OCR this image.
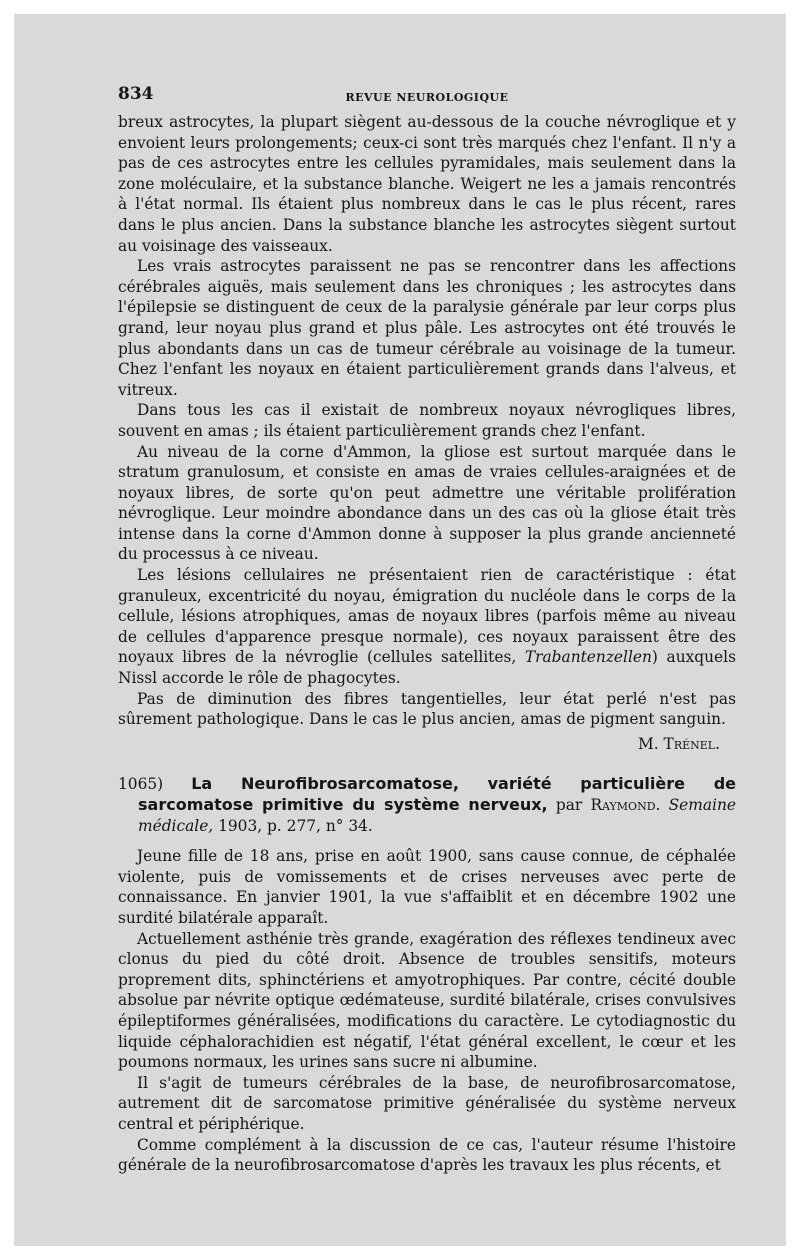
834	REVUE NEUROLOGIQUE

breux astrocytes, la plupart siègent au-dessous de la couche névroglique et y envoient leurs prolongements; ceux-ci sont très marqués chez l'enfant. Il n'y a pas de ces astrocytes entre les cellules pyramidales, mais seulement dans la zone moléculaire, et la substance blanche. Weigert ne les a jamais rencontrés à l'état normal. Ils étaient plus nombreux dans le cas le plus récent, rares dans le plus ancien. Dans la substance blanche les astrocytes siègent surtout au voisinage des vaisseaux.

Les vrais astrocytes paraissent ne pas se rencontrer dans les affections cérébrales aiguës, mais seulement dans les chroniques ; les astrocytes dans l'épilepsie se distinguent de ceux de la paralysie générale par leur corps plus grand, leur noyau plus grand et plus pâle. Les astrocytes ont été trouvés le plus abondants dans un cas de tumeur cérébrale au voisinage de la tumeur. Chez l'enfant les noyaux en étaient particulièrement grands dans l'alveus, et vitreux.

Dans tous les cas il existait de nombreux noyaux névrogliques libres, souvent en amas ; ils étaient particulièrement grands chez l'enfant.

Au niveau de la corne d'Ammon, la gliose est surtout marquée dans le stratum granulosum, et consiste en amas de vraies cellules-araignées et de noyaux libres, de sorte qu'on peut admettre une véritable prolifération névroglique. Leur moindre abondance dans un des cas où la gliose était très intense dans la corne d'Ammon donne à supposer la plus grande ancienneté du processus à ce niveau.

Les lésions cellulaires ne présentaient rien de caractéristique : état granuleux, excentricité du noyau, émigration du nucléole dans le corps de la cellule, lésions atrophiques, amas de noyaux libres (parfois même au niveau de cellules d'apparence presque normale), ces noyaux paraissent être des noyaux libres de la névroglie (cellules satellites, Trabantenzellen) auxquels Nissl accorde le rôle de phagocytes.

Pas de diminution des fibres tangentielles, leur état perlé n'est pas sûrement pathologique. Dans le cas le plus ancien, amas de pigment sanguin.

M. Trénel.

1065) La Neurofibrosarcomatose, variété particulière de sarcomatose primitive du système nerveux, par Raymond. Semaine médicale, 1903, p. 277, n° 34.

Jeune fille de 18 ans, prise en août 1900, sans cause connue, de céphalée violente, puis de vomissements et de crises nerveuses avec perte de connaissance. En janvier 1901, la vue s'affaiblit et en décembre 1902 une surdité bilatérale apparaît.

Actuellement asthénie très grande, exagération des réflexes tendineux avec clonus du pied du côté droit. Absence de troubles sensitifs, moteurs proprement dits, sphinctériens et amyotrophiques. Par contre, cécité double absolue par névrite optique œdémateuse, surdité bilatérale, crises convulsives épileptiformes généralisées, modifications du caractère. Le cytodiagnostic du liquide céphalorachidien est négatif, l'état général excellent, le cœur et les poumons normaux, les urines sans sucre ni albumine.

Il s'agit de tumeurs cérébrales de la base, de neurofibrosarcomatose, autrement dit de sarcomatose primitive généralisée du système nerveux central et périphérique.

Comme complément à la discussion de ce cas, l'auteur résume l'histoire générale de la neurofibrosarcomatose d'après les travaux les plus récents, et
